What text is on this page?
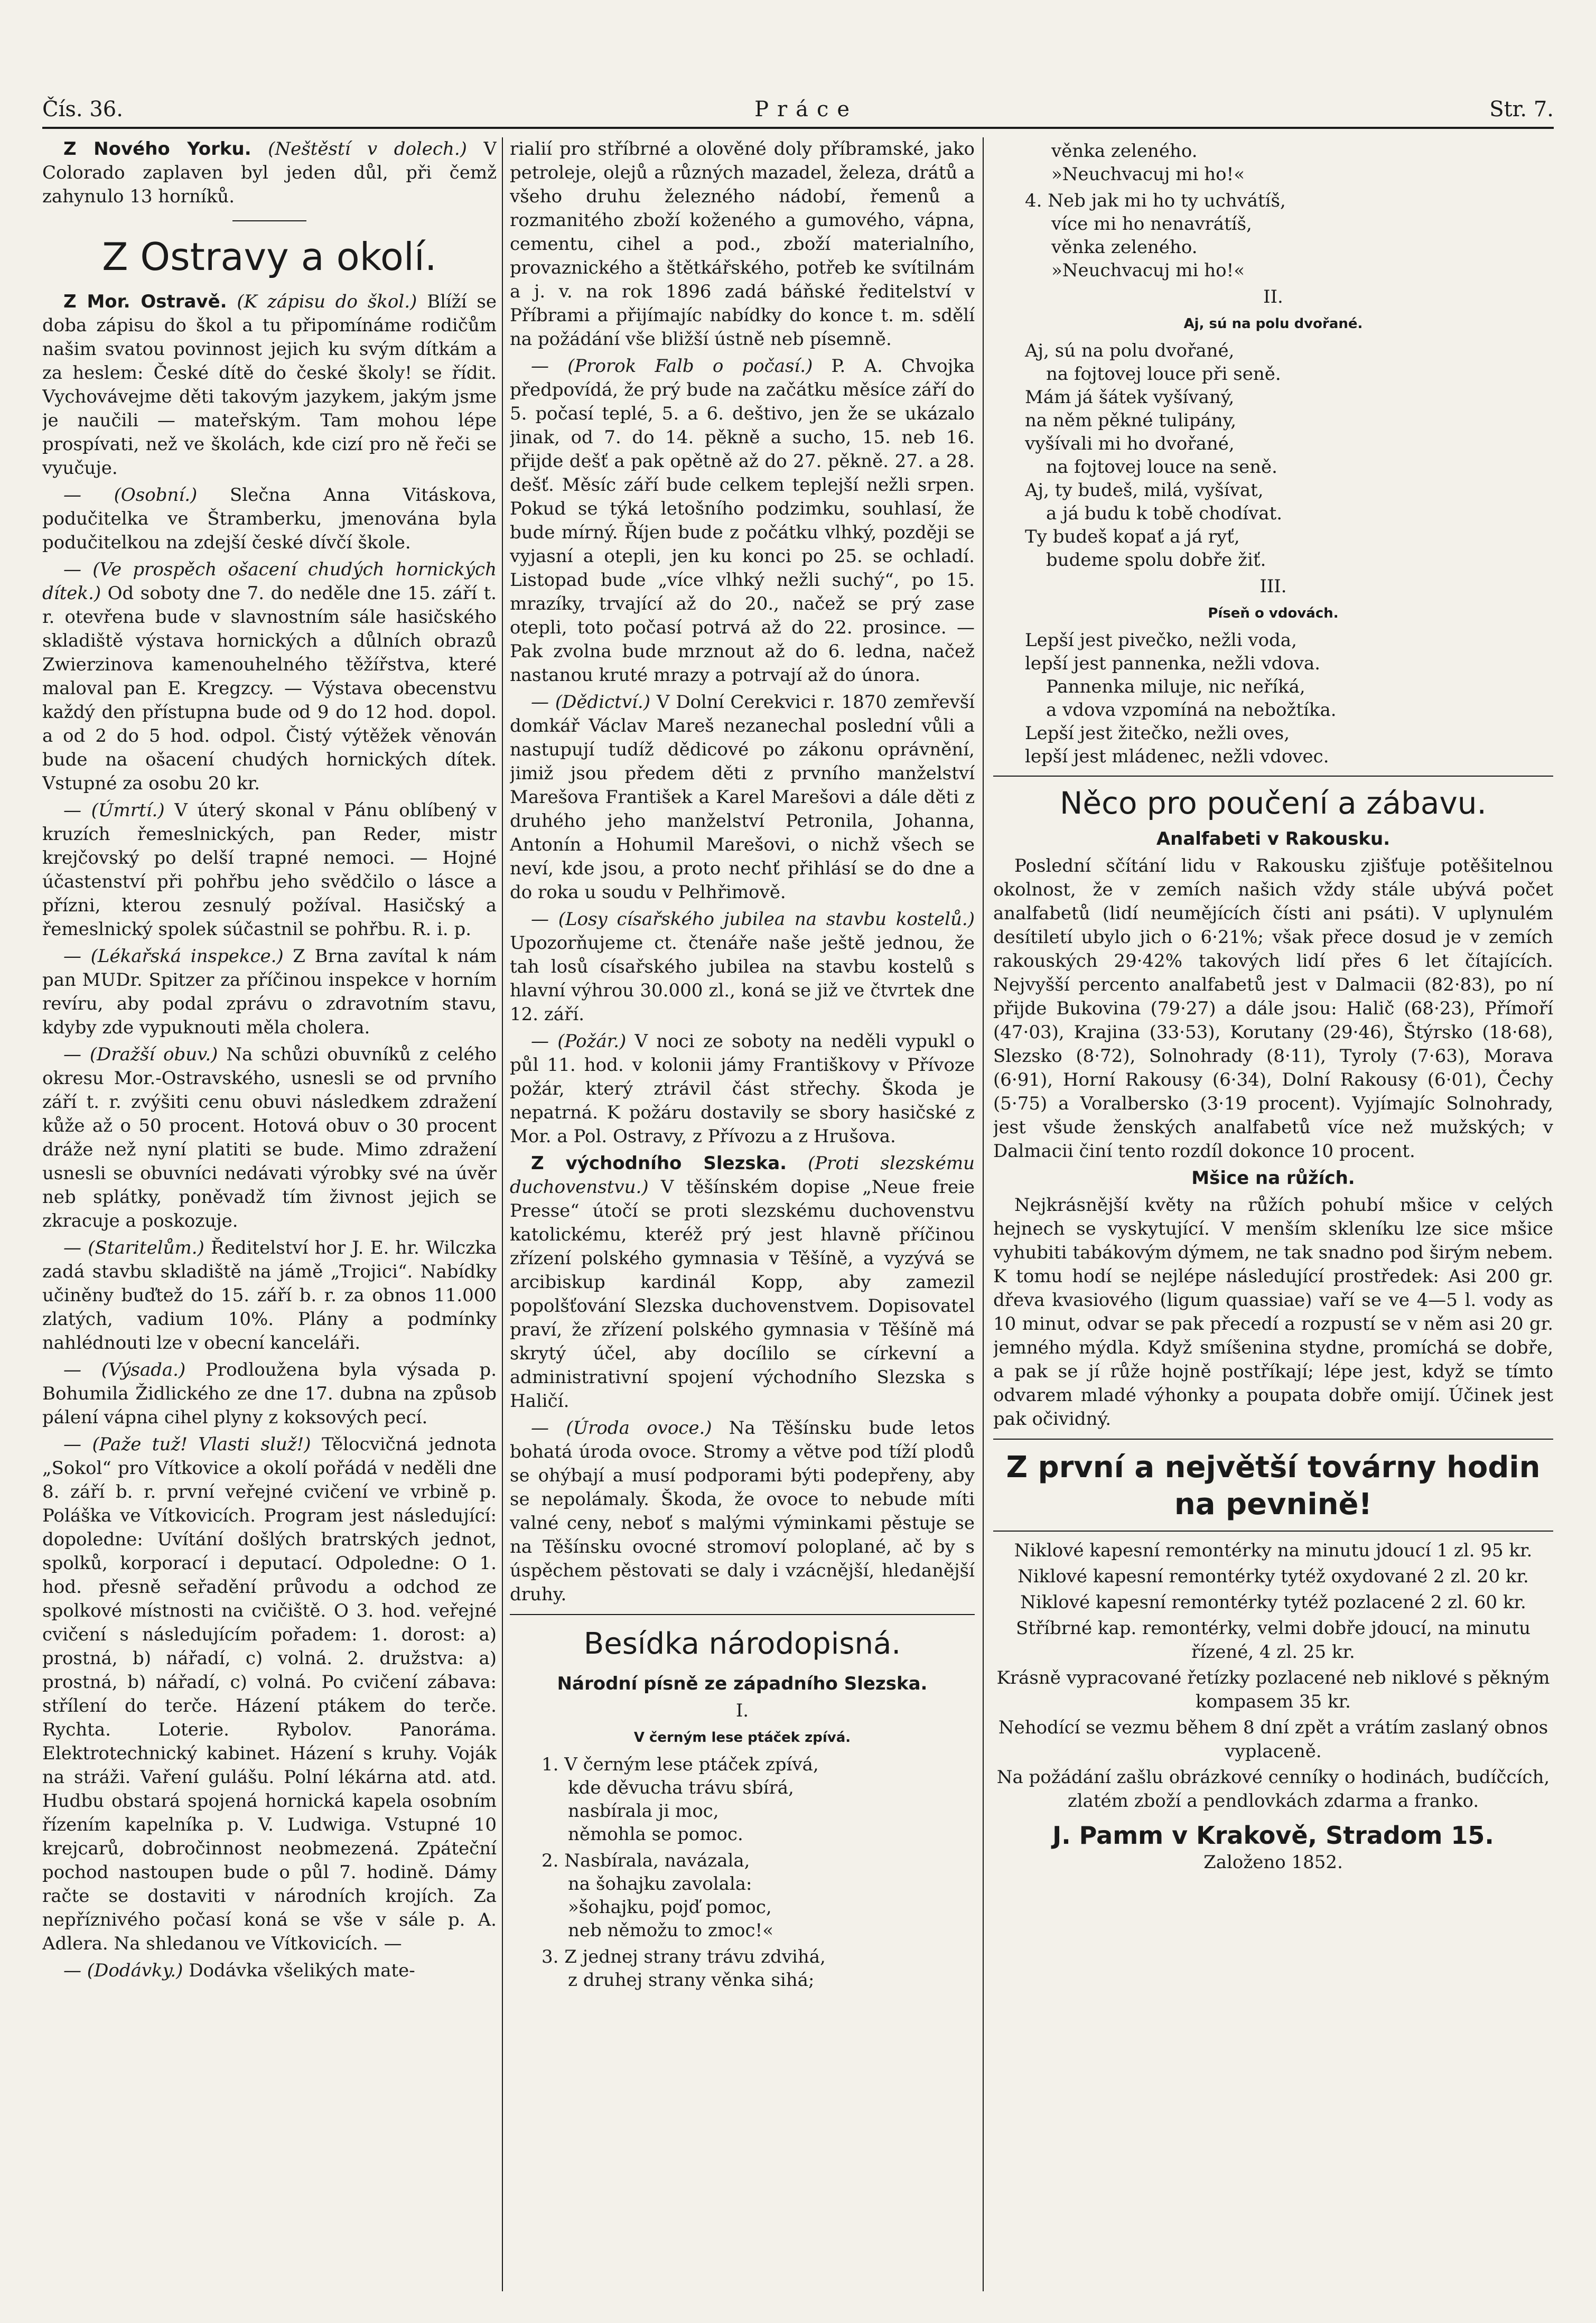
Čís. 36.	Práce	Str. 7.

Z Nového Yorku. (Neštěstí v dolech.) V Colorado zaplaven byl jeden důl, při čemž zahynulo 13 horníků.

Z Ostravy a okolí.

Z Mor. Ostravě. (K zápisu do škol.) Blíží se doba zápisu do škol a tu připomínáme rodičům našim svatou povinnost jejich ku svým dítkám a za heslem: České dítě do české školy! se řídit. Vychovávejme děti takovým jazykem, jakým jsme je naučili — mateřským. Tam mohou lépe prospívati, než ve školách, kde cizí pro ně řeči se vyučuje.

— (Osobní.) Slečna Anna Vitáskova, podučitelka ve Štramberku, jmenována byla podučitelkou na zdejší české dívčí škole.

— (Ve prospěch ošacení chudých hornických dítek.) Od soboty dne 7. do neděle dne 15. září t. r. otevřena bude v slavnostním sále hasičského skladiště výstava hornických a důlních obrazů Zwierzinova kamenouhelného těžířstva, které maloval pan E. Kregzcy. — Výstava obecenstvu každý den přístupna bude od 9 do 12 hod. dopol. a od 2 do 5 hod. odpol. Čistý výtěžek věnován bude na ošacení chudých hornických dítek. Vstupné za osobu 20 kr.

— (Úmrtí.) V úterý skonal v Pánu oblíbený v kruzích řemeslnických, pan Reder, mistr krejčovský po delší trapné nemoci. — Hojné účastenství při pohřbu jeho svědčilo o lásce a přízni, kterou zesnulý požíval. Hasičský a řemeslnický spolek súčastnil se pohřbu. R. i. p.

— (Lékařská inspekce.) Z Brna zavítal k nám pan MUDr. Spitzer za příčinou inspekce v horním revíru, aby podal zprávu o zdravotním stavu, kdyby zde vypuknouti měla cholera.

— (Dražší obuv.) Na schůzi obuvníků z celého okresu Mor.-Ostravského, usnesli se od prvního září t. r. zvýšiti cenu obuvi následkem zdražení kůže až o 50 procent. Hotová obuv o 30 procent dráže než nyní platiti se bude. Mimo zdražení usnesli se obuvníci nedávati výrobky své na úvěr neb splátky, poněvadž tím živnost jejich se zkracuje a poskozuje.

— (Staritelům.) Ředitelství hor J. E. hr. Wilczka zadá stavbu skladiště na jámě „Trojici“. Nabídky učiněny buďtež do 15. září b. r. za obnos 11.000 zlatých, vadium 10%. Plány a podmínky nahlédnouti lze v obecní kanceláři.

— (Výsada.) Prodloužena byla výsada p. Bohumila Židlického ze dne 17. dubna na způsob pálení vápna cihel plyny z koksových pecí.

— (Paže tuž! Vlasti služ!) Tělocvičná jednota „Sokol“ pro Vítkovice a okolí pořádá v neděli dne 8. září b. r. první veřejné cvičení ve vrbině p. Poláška ve Vítkovicích. Program jest následující: dopoledne: Uvítání došlých bratrských jednot, spolků, korporací i deputací. Odpoledne: O 1. hod. přesně seřadění průvodu a odchod ze spolkové místnosti na cvičiště. O 3. hod. veřejné cvičení s následujícím pořadem: 1. dorost: a) prostná, b) nářadí, c) volná. 2. družstva: a) prostná, b) nářadí, c) volná. Po cvičení zábava: střílení do terče. Házení ptákem do terče. Rychta. Loterie. Rybolov. Panoráma. Elektrotechnický kabinet. Házení s kruhy. Voják na stráži. Vaření gulášu. Polní lékárna atd. atd. Hudbu obstará spojená hornická kapela osobním řízením kapelníka p. V. Ludwiga. Vstupné 10 krejcarů, dobročinnost neobmezená. Zpáteční pochod nastoupen bude o půl 7. hodině. Dámy račte se dostaviti v národních krojích. Za nepříznivého počasí koná se vše v sále p. A. Adlera. Na shledanou ve Vítkovicích. —

— (Dodávky.) Dodávka všelikých mate-

rialií pro stříbrné a olověné doly příbramské, jako petroleje, olejů a různých mazadel, železa, drátů a všeho druhu železného nádobí, řemenů a rozmanitého zboží koženého a gumového, vápna, cementu, cihel a pod., zboží materialního, provaznického a štětkářského, potřeb ke svítilnám a j. v. na rok 1896 zadá báňské ředitelství v Příbrami a přijímajíc nabídky do konce t. m. sdělí na požádání vše bližší ústně neb písemně.

— (Prorok Falb o počasí.) P. A. Chvojka předpovídá, že prý bude na začátku měsíce září do 5. počasí teplé, 5. a 6. deštivo, jen že se ukázalo jinak, od 7. do 14. pěkně a sucho, 15. neb 16. přijde dešť a pak opětně až do 27. pěkně. 27. a 28. dešť. Měsíc září bude celkem teplejší nežli srpen. Pokud se týká letošního podzimku, souhlasí, že bude mírný. Říjen bude z počátku vlhký, později se vyjasní a otepli, jen ku konci po 25. se ochladí. Listopad bude „více vlhký nežli suchý“, po 15. mrazíky, trvající až do 20., načež se prý zase otepli, toto počasí potrvá až do 22. prosince. — Pak zvolna bude mrznout až do 6. ledna, načež nastanou kruté mrazy a potrvají až do února.

— (Dědictví.) V Dolní Cerekvici r. 1870 zemřevší domkář Václav Mareš nezanechal poslední vůli a nastupují tudíž dědicové po zákonu oprávnění, jimiž jsou předem děti z prvního manželství Marešova František a Karel Marešovi a dále děti z druhého jeho manželství Petronila, Johanna, Antonín a Hohumil Marešovi, o nichž všech se neví, kde jsou, a proto nechť přihlásí se do dne a do roka u soudu v Pelhřimově.

— (Losy císařského jubilea na stavbu kostelů.) Upozorňujeme ct. čtenáře naše ještě jednou, že tah losů císařského jubilea na stavbu kostelů s hlavní výhrou 30.000 zl., koná se již ve čtvrtek dne 12. září.

— (Požár.) V noci ze soboty na neděli vypukl o půl 11. hod. v kolonii jámy Františkovy v Přívoze požár, který ztrávil část střechy. Škoda je nepatrná. K požáru dostavily se sbory hasičské z Mor. a Pol. Ostravy, z Přívozu a z Hrušova.

Z východního Slezska. (Proti slezskému duchovenstvu.) V těšínském dopise „Neue freie Presse“ útočí se proti slezskému duchovenstvu katolickému, kteréž prý jest hlavně příčinou zřízení polského gymnasia v Těšíně, a vyzývá se arcibiskup kardinál Kopp, aby zamezil popolšťování Slezska duchovenstvem. Dopisovatel praví, že zřízení polského gymnasia v Těšíně má skrytý účel, aby docílilo se církevní a administrativní spojení východního Slezska s Haličí.

— (Úroda ovoce.) Na Těšínsku bude letos bohatá úroda ovoce. Stromy a větve pod tíží plodů se ohýbají a musí podporami býti podepřeny, aby se nepolámaly. Škoda, že ovoce to nebude míti valné ceny, neboť s malými výminkami pěstuje se na Těšínsku ovocné stromoví poloplané, ač by s úspěchem pěstovati se daly i vzácnější, hledanější druhy.

Besídka národopisná.
Národní písně ze západního Slezska.
I.
V černým lese ptáček zpívá.
1. V černým lese ptáček zpívá,
kde děvucha trávu sbírá,
nasbírala ji moc,
němohla se pomoc.
2. Nasbírala, navázala,
na šohajku zavolala:
»šohajku, pojď pomoc,
neb němožu to zmoc!«
3. Z jednej strany trávu zdvihá,
z druhej strany věnka sihá;
věnka zeleného.
»Neuchvacuj mi ho!«
4. Neb jak mi ho ty uchvátíš,
více mi ho nenavrátíš,
věnka zeleného.
»Neuchvacuj mi ho!«
II.
Aj, sú na polu dvořané.
Aj, sú na polu dvořané,
na fojtovej louce při seně.
Mám já šátek vyšívaný,
na něm pěkné tulipány,
vyšívali mi ho dvořané,
na fojtovej louce na seně.
Aj, ty budeš, milá, vyšívat,
a já budu k tobě chodívat.
Ty budeš kopať a já ryť,
budeme spolu dobře žiť.
III.
Píseň o vdovách.
Lepší jest pivečko, nežli voda,
lepší jest pannenka, nežli vdova.
Pannenka miluje, nic neříká,
a vdova vzpomíná na nebožtíka.
Lepší jest žitečko, nežli oves,
lepší jest mládenec, nežli vdovec.
Něco pro poučení a zábavu.
Analfabeti v Rakousku.

Poslední sčítání lidu v Rakousku zjišťuje potěšitelnou okolnost, že v zemích našich vždy stále ubývá počet analfabetů (lidí neumějících čísti ani psáti). V uplynulém desítiletí ubylo jich o 6·21%; však přece dosud je v zemích rakouských 29·42% takových lidí přes 6 let čítajících. Nejvyšší percento analfabetů jest v Dalmacii (82·83), po ní přijde Bukovina (79·27) a dále jsou: Halič (68·23), Přímoří (47·03), Krajina (33·53), Korutany (29·46), Štýrsko (18·68), Slezsko (8·72), Solnohrady (8·11), Tyroly (7·63), Morava (6·91), Horní Rakousy (6·34), Dolní Rakousy (6·01), Čechy (5·75) a Voralbersko (3·19 procent). Vyjímajíc Solnohrady, jest všude ženských analfabetů více než mužských; v Dalmacii činí tento rozdíl dokonce 10 procent.

Mšice na růžích.

Nejkrásnější květy na růžích pohubí mšice v celých hejnech se vyskytující. V menším skleníku lze sice mšice vyhubiti tabákovým dýmem, ne tak snadno pod širým nebem. K tomu hodí se nejlépe následující prostředek: Asi 200 gr. dřeva kvasiového (ligum quassiae) vaří se ve 4—5 l. vody as 10 minut, odvar se pak přecedí a rozpustí se v něm asi 20 gr. jemného mýdla. Když smíšenina stydne, promíchá se dobře, a pak se jí růže hojně postříkají; lépe jest, když se tímto odvarem mladé výhonky a poupata dobře omijí. Účinek jest pak očividný.

Z první a největší továrny hodin na pevnině!
Niklové kapesní remontérky na minutu jdoucí 1 zl. 95 kr.
Niklové kapesní remontérky tytéž oxydované 2 zl. 20 kr.
Niklové kapesní remontérky tytéž pozlacené 2 zl. 60 kr.
Stříbrné kap. remontérky, velmi dobře jdoucí, na minutu řízené, 4 zl. 25 kr.
Krásně vypracované řetízky pozlacené neb niklové s pěkným kompasem 35 kr.
Nehodící se vezmu během 8 dní zpět a vrátím zaslaný obnos vyplaceně.
Na požádání zašlu obrázkové cenníky o hodinách, budíčcích, zlatém zboží a pendlovkách zdarma a franko.
J. Pamm v Krakově, Stradom 15.
Založeno 1852.
